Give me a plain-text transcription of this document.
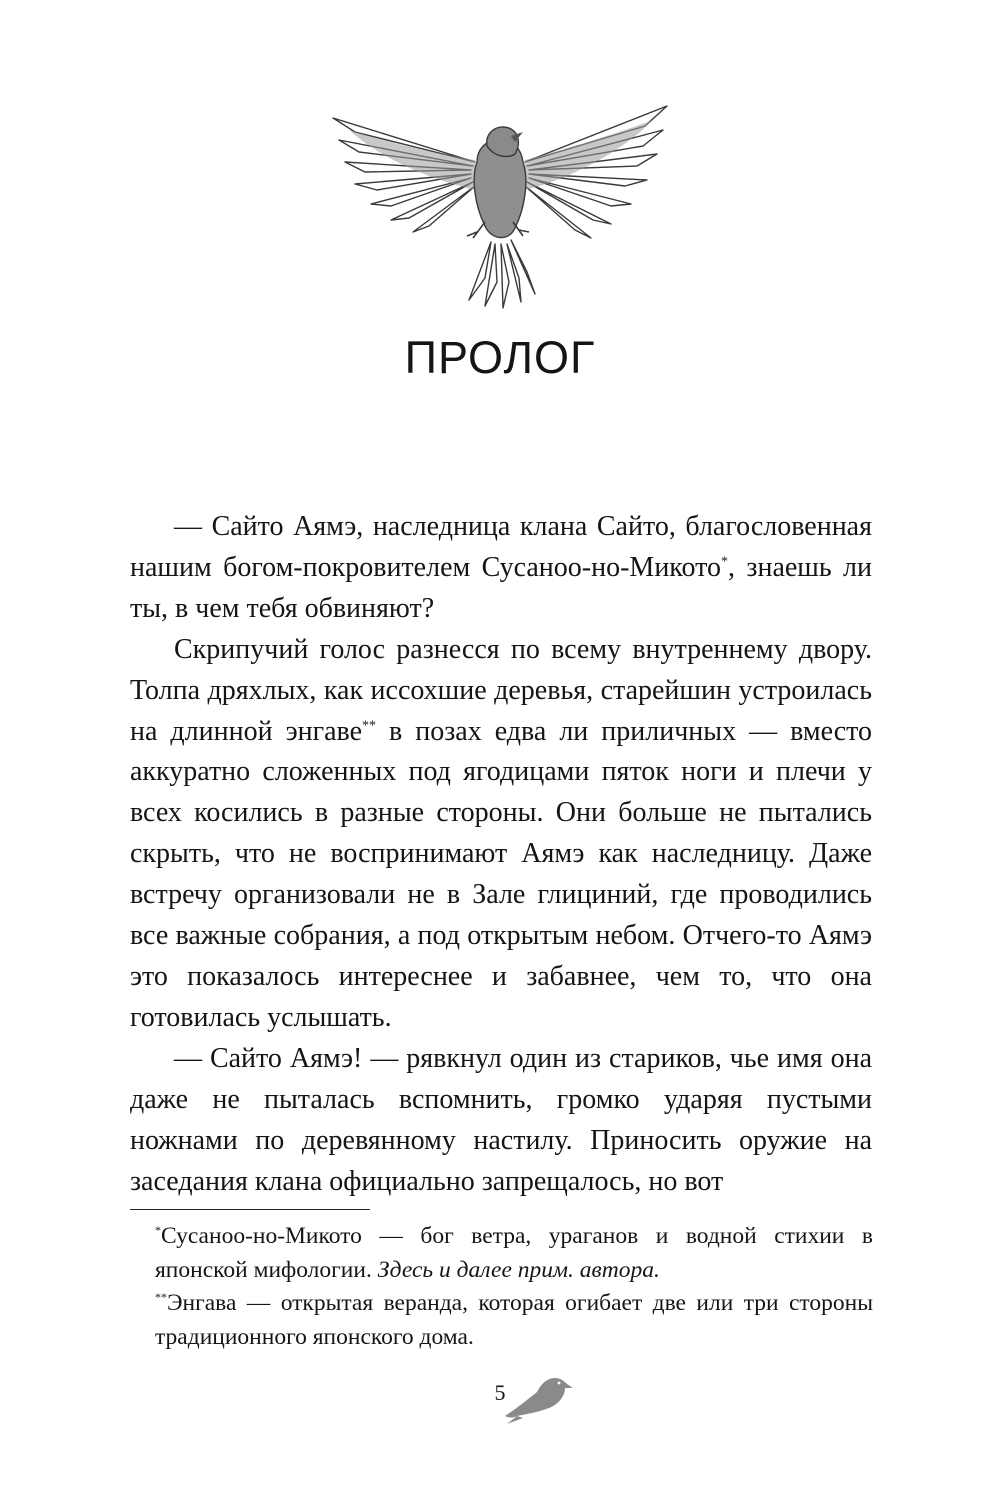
ПРОЛОГ

— Сайто Аямэ, наследница клана Сайто, благословенная нашим богом-покровителем Сусаноо-но-Микото*, знаешь ли ты, в чем тебя обвиняют?

Скрипучий голос разнесся по всему внутреннему двору. Толпа дряхлых, как иссохшие деревья, старейшин устроилась на длинной энгаве** в позах едва ли приличных — вместо аккуратно сложенных под ягодицами пяток ноги и плечи у всех косились в разные стороны. Они больше не пытались скрыть, что не воспринимают Аямэ как наследницу. Даже встречу организовали не в Зале глициний, где проводились все важные собрания, а под открытым небом. Отчего-то Аямэ это показалось интереснее и забавнее, чем то, что она готовилась услышать.

— Сайто Аямэ! — рявкнул один из стариков, чье имя она даже не пыталась вспомнить, громко ударяя пустыми ножнами по деревянному настилу. Приносить оружие на заседания клана официально запрещалось, но вот

*Сусаноо-но-Микото — бог ветра, ураганов и водной стихии в японской мифологии. Здесь и далее прим. автора.

**Энгава — открытая веранда, которая огибает две или три стороны традиционного японского дома.

5
